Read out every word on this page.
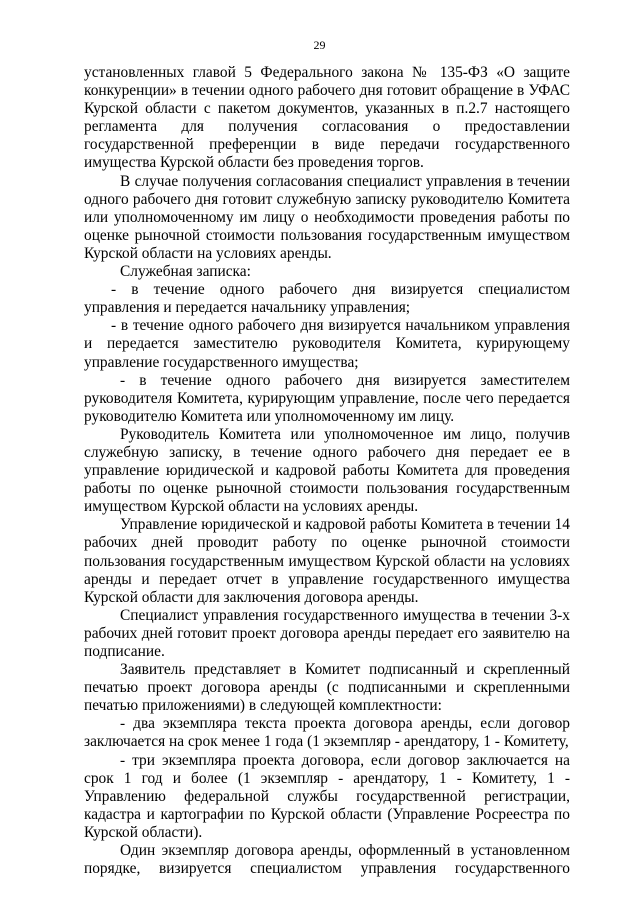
29

установленных главой 5 Федерального закона № 135-ФЗ «О защите конкуренции» в течении одного рабочего дня готовит обращение в УФАС Курской области с пакетом документов, указанных в п.2.7 настоящего регламента для получения согласования о предоставлении государственной преференции в виде передачи государственного имущества Курской области без проведения торгов.

В случае получения согласования специалист управления в течении одного рабочего дня готовит служебную записку руководителю Комитета или уполномоченному им лицу о необходимости проведения работы по оценке рыночной стоимости пользования государственным имуществом Курской области на условиях аренды.

Служебная записка:

- в течение одного рабочего дня визируется специалистом управления и передается начальнику управления;

- в течение одного рабочего дня визируется начальником управления и передается заместителю руководителя Комитета, курирующему управление государственного имущества;

- в течение одного рабочего дня визируется заместителем руководителя Комитета, курирующим управление, после чего передается руководителю Комитета или уполномоченному им лицу.

Руководитель Комитета или уполномоченное им лицо, получив служебную записку, в течение одного рабочего дня передает ее в управление юридической и кадровой работы Комитета для проведения работы по оценке рыночной стоимости пользования государственным имуществом Курской области на условиях аренды.

Управление юридической и кадровой работы Комитета в течении 14 рабочих дней проводит работу по оценке рыночной стоимости пользования государственным имуществом Курской области на условиях аренды и передает отчет в управление государственного имущества Курской области для заключения договора аренды.

Специалист управления государственного имущества в течении 3-х рабочих дней готовит проект договора аренды передает его заявителю на подписание.

Заявитель представляет в Комитет подписанный и скрепленный печатью проект договора аренды (с подписанными и скрепленными печатью приложениями) в следующей комплектности:

- два экземпляра текста проекта договора аренды, если договор заключается на срок менее 1 года (1 экземпляр - арендатору, 1 - Комитету,

- три экземпляра проекта договора, если договор заключается на срок 1 год и более (1 экземпляр - арендатору, 1 - Комитету, 1 - Управлению федеральной службы государственной регистрации, кадастра и картографии по Курской области (Управление Росреестра по Курской области).

Один экземпляр договора аренды, оформленный в установленном порядке, визируется специалистом управления государственного
